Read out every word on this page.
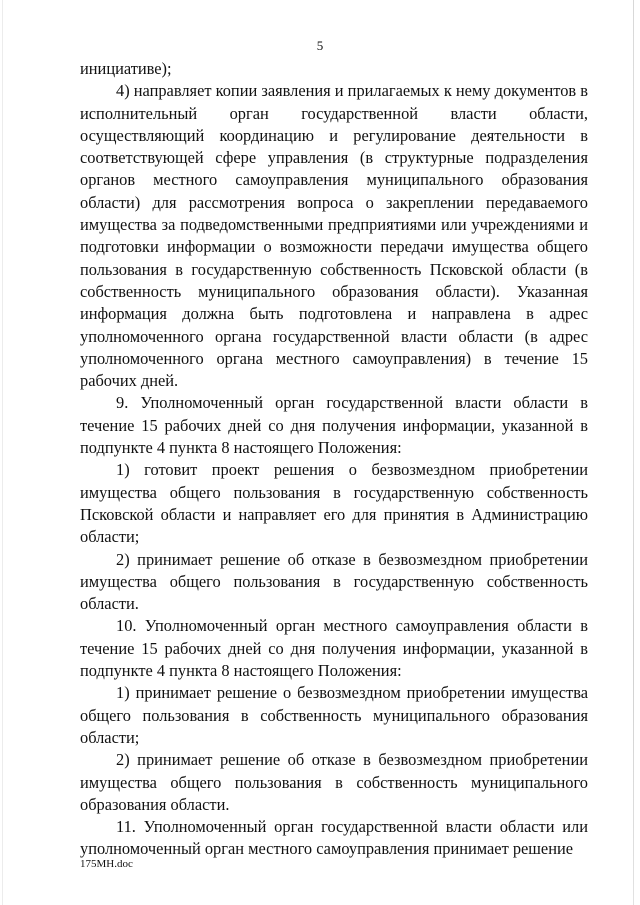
5

инициативе);

4) направляет копии заявления и прилагаемых к нему документов в исполнительный орган государственной власти области, осуществляющий координацию и регулирование деятельности в соответствующей сфере управления (в структурные подразделения органов местного самоуправления муниципального образования области) для рассмотрения вопроса о закреплении передаваемого имущества за подведомственными предприятиями или учреждениями и подготовки информации о возможности передачи имущества общего пользования в государственную собственность Псковской области (в собственность муниципального образования области). Указанная информация должна быть подготовлена и направлена в адрес уполномоченного органа государственной власти области (в адрес уполномоченного органа местного самоуправления) в течение 15 рабочих дней.

9. Уполномоченный орган государственной власти области в течение 15 рабочих дней со дня получения информации, указанной в подпункте 4 пункта 8 настоящего Положения:

1) готовит проект решения о безвозмездном приобретении имущества общего пользования в государственную собственность Псковской области и направляет его для принятия в Администрацию области;

2) принимает решение об отказе в безвозмездном приобретении имущества общего пользования в государственную собственность области.

10. Уполномоченный орган местного самоуправления области в течение 15 рабочих дней со дня получения информации, указанной в подпункте 4 пункта 8 настоящего Положения:

1) принимает решение о безвозмездном приобретении имущества общего пользования в собственность муниципального образования области;

2) принимает решение об отказе в безвозмездном приобретении имущества общего пользования в собственность муниципального образования области.

11. Уполномоченный орган государственной власти области или уполномоченный орган местного самоуправления принимает решение

175МН.doc
